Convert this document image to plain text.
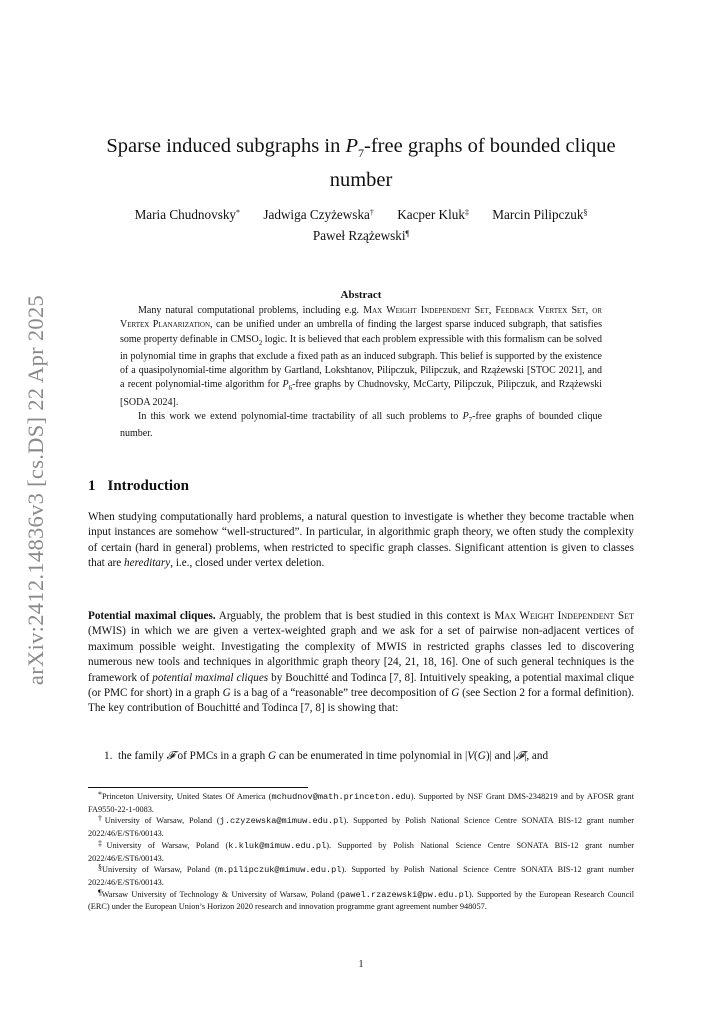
arXiv:2412.14836v3 [cs.DS] 22 Apr 2025
Sparse induced subgraphs in $P_7$-free graphs of bounded clique number
Maria Chudnovsky* Jadwiga Czyżewska† Kacper Kluk‡ Marcin Pilipczuk§
Paweł Rzążewski¶
Abstract

Many natural computational problems, including e.g. Max Weight Independent Set, Feedback Vertex Set, or Vertex Planarization, can be unified under an umbrella of finding the largest sparse induced subgraph, that satisfies some property definable in $CMSO_2$ logic. It is believed that each problem expressible with this formalism can be solved in polynomial time in graphs that exclude a fixed path as an induced subgraph. This belief is supported by the existence of a quasipolynomial-time algorithm by Gartland, Lokshtanov, Pilipczuk, Pilipczuk, and Rzążewski [STOC 2021], and a recent polynomial-time algorithm for $P_6$-free graphs by Chudnovsky, McCarty, Pilipczuk, Pilipczuk, and Rzążewski [SODA 2024].

In this work we extend polynomial-time tractability of all such problems to $P_7$-free graphs of bounded clique number.

1 Introduction

When studying computationally hard problems, a natural question to investigate is whether they become tractable when input instances are somehow “well-structured”. In particular, in algorithmic graph theory, we often study the complexity of certain (hard in general) problems, when restricted to specific graph classes. Significant attention is given to classes that are hereditary, i.e., closed under vertex deletion.

Potential maximal cliques. Arguably, the problem that is best studied in this context is Max Weight Independent Set (MWIS) in which we are given a vertex-weighted graph and we ask for a set of pairwise non-adjacent vertices of maximum possible weight. Investigating the complexity of MWIS in restricted graphs classes led to discovering numerous new tools and techniques in algorithmic graph theory [24, 21, 18, 16]. One of such general techniques is the framework of potential maximal cliques by Bouchitté and Todinca [7, 8]. Intuitively speaking, a potential maximal clique (or PMC for short) in a graph G is a bag of a “reasonable” tree decomposition of G (see Section 2 for a formal definition). The key contribution of Bouchitté and Todinca [7, 8] is showing that:

1. the family 𝓕 of PMCs in a graph G can be enumerated in time polynomial in |V(G)| and |𝓕|, and

*Princeton University, United States Of America (mchudnov@math.princeton.edu). Supported by NSF Grant DMS-2348219 and by AFOSR grant FA9550-22-1-0083.

†University of Warsaw, Poland (j.czyzewska@mimuw.edu.pl). Supported by Polish National Science Centre SONATA BIS-12 grant number 2022/46/E/ST6/00143.

‡University of Warsaw, Poland (k.kluk@mimuw.edu.pl). Supported by Polish National Science Centre SONATA BIS-12 grant number 2022/46/E/ST6/00143.

§University of Warsaw, Poland (m.pilipczuk@mimuw.edu.pl). Supported by Polish National Science Centre SONATA BIS-12 grant number 2022/46/E/ST6/00143.

¶Warsaw University of Technology & University of Warsaw, Poland (pawel.rzazewski@pw.edu.pl). Supported by the European Research Council (ERC) under the European Union’s Horizon 2020 research and innovation programme grant agreement number 948057.

1
